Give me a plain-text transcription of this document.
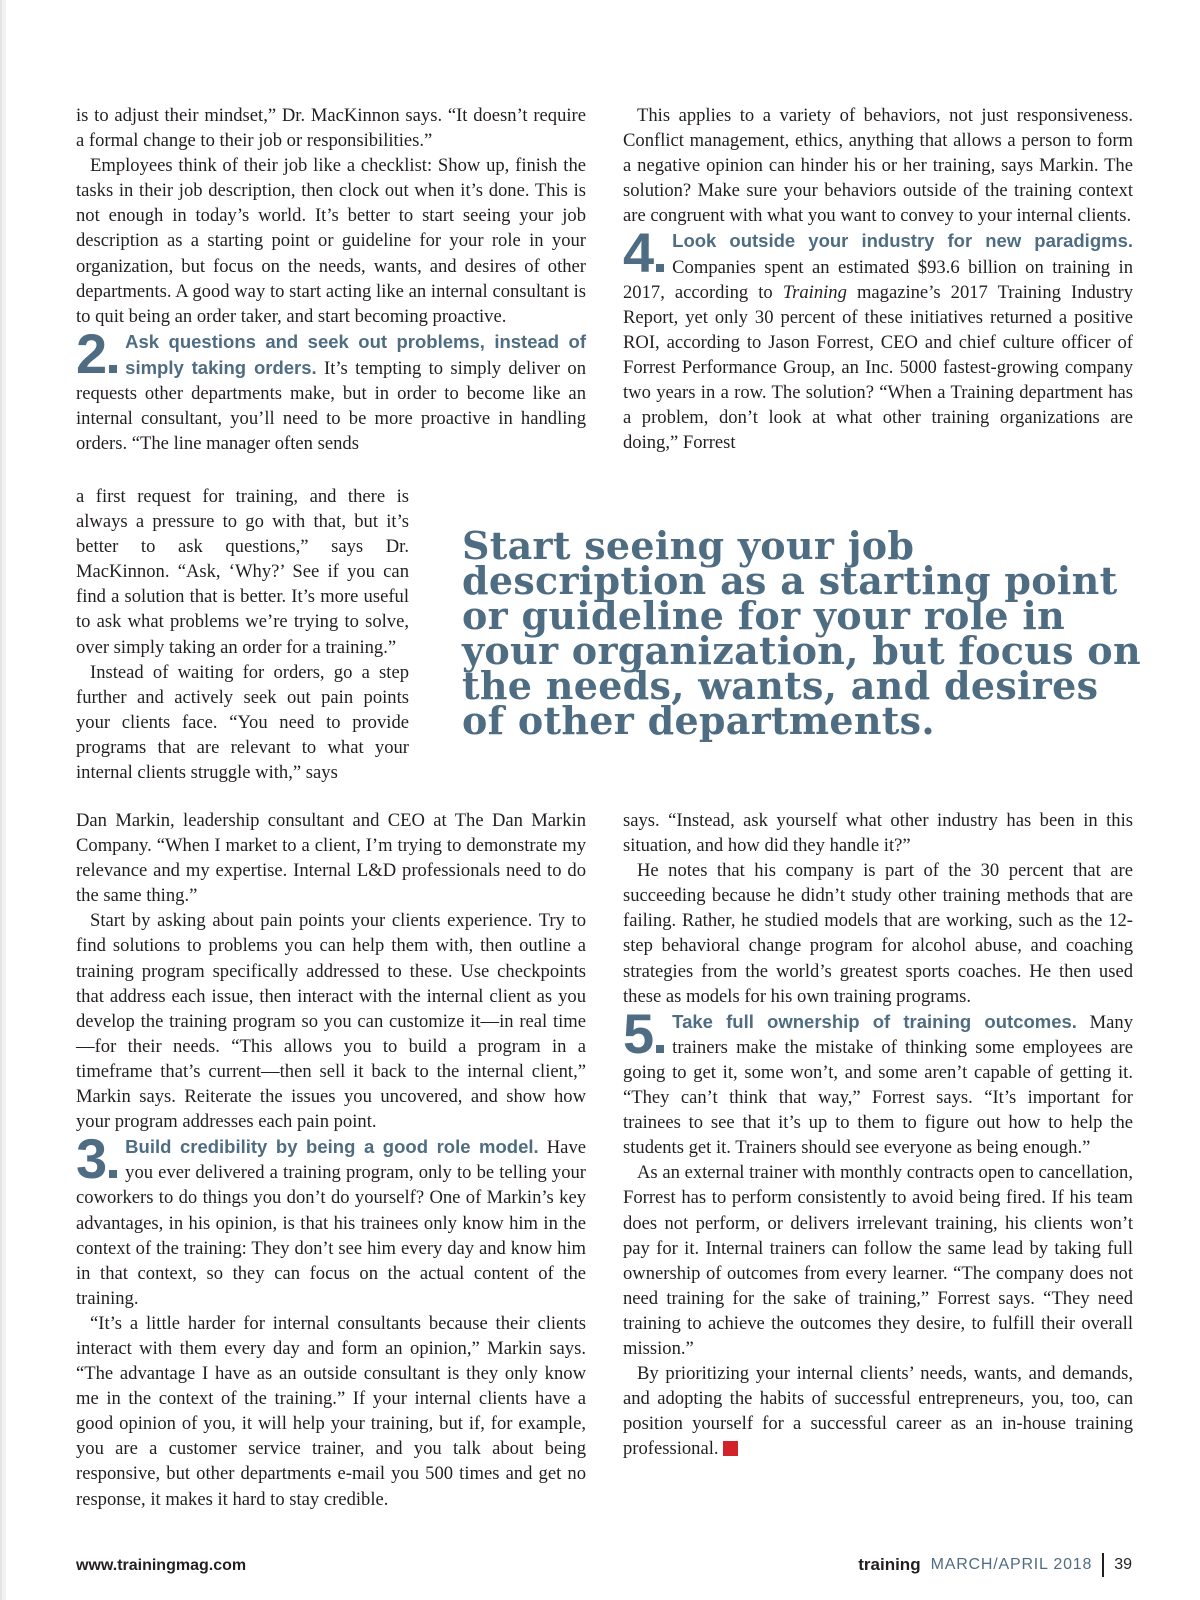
is to adjust their mindset,” Dr. MacKinnon says. “It doesn’t require a formal change to their job or responsibilities.”

Employees think of their job like a checklist: Show up, finish the tasks in their job description, then clock out when it’s done. This is not enough in today’s world. It’s better to start seeing your job description as a starting point or guideline for your role in your organization, but focus on the needs, wants, and desires of other departments. A good way to start acting like an internal consultant is to quit being an order taker, and start becoming proactive.

2 Ask questions and seek out problems, instead of simply taking orders. It’s tempting to simply deliver on requests other departments make, but in order to become like an internal consultant, you’ll need to be more proactive in handling orders. “The line manager often sends

a first request for training, and there is always a pressure to go with that, but it’s better to ask questions,” says Dr. MacKinnon. “Ask, ‘Why?’ See if you can find a solution that is better. It’s more useful to ask what problems we’re trying to solve, over simply taking an order for a training.”

Instead of waiting for orders, go a step further and actively seek out pain points your clients face. “You need to provide programs that are relevant to what your internal clients struggle with,” says

Dan Markin, leadership consultant and CEO at The Dan Markin Company. “When I market to a client, I’m trying to demonstrate my relevance and my expertise. Internal L&D professionals need to do the same thing.”

Start by asking about pain points your clients experience. Try to find solutions to problems you can help them with, then outline a training program specifically addressed to these. Use checkpoints that address each issue, then interact with the internal client as you develop the training program so you can customize it—in real time—for their needs. “This allows you to build a program in a timeframe that’s current—then sell it back to the internal client,” Markin says. Reiterate the issues you uncovered, and show how your program addresses each pain point.

3 Build credibility by being a good role model. Have you ever delivered a training program, only to be telling your coworkers to do things you don’t do yourself? One of Markin’s key advantages, in his opinion, is that his trainees only know him in the context of the training: They don’t see him every day and know him in that context, so they can focus on the actual content of the training.

“It’s a little harder for internal consultants because their clients interact with them every day and form an opinion,” Markin says. “The advantage I have as an outside consultant is they only know me in the context of the training.” If your internal clients have a good opinion of you, it will help your training, but if, for example, you are a customer service trainer, and you talk about being responsive, but other departments e-mail you 500 times and get no response, it makes it hard to stay credible.

This applies to a variety of behaviors, not just responsiveness. Conflict management, ethics, anything that allows a person to form a negative opinion can hinder his or her training, says Markin. The solution? Make sure your behaviors outside of the training context are congruent with what you want to convey to your internal clients.

4 Look outside your industry for new paradigms. Companies spent an estimated $93.6 billion on training in 2017, according to Training magazine’s 2017 Training Industry Report, yet only 30 percent of these initiatives returned a positive ROI, according to Jason Forrest, CEO and chief culture officer of Forrest Performance Group, an Inc. 5000 fastest-growing company two years in a row. The solution? “When a Training department has a problem, don’t look at what other training organizations are doing,” Forrest

Start seeing your job description as a starting point or guideline for your role in your organization, but focus on the needs, wants, and desires of other departments.

says. “Instead, ask yourself what other industry has been in this situation, and how did they handle it?”

He notes that his company is part of the 30 percent that are succeeding because he didn’t study other training methods that are failing. Rather, he studied models that are working, such as the 12-step behavioral change program for alcohol abuse, and coaching strategies from the world’s greatest sports coaches. He then used these as models for his own training programs.

5 Take full ownership of training outcomes. Many trainers make the mistake of thinking some employees are going to get it, some won’t, and some aren’t capable of getting it. “They can’t think that way,” Forrest says. “It’s important for trainees to see that it’s up to them to figure out how to help the students get it. Trainers should see everyone as being enough.”

As an external trainer with monthly contracts open to cancellation, Forrest has to perform consistently to avoid being fired. If his team does not perform, or delivers irrelevant training, his clients won’t pay for it. Internal trainers can follow the same lead by taking full ownership of outcomes from every learner. “The company does not need training for the sake of training,” Forrest says. “They need training to achieve the outcomes they desire, to fulfill their overall mission.”

By prioritizing your internal clients’ needs, wants, and demands, and adopting the habits of successful entrepreneurs, you, too, can position yourself for a successful career as an in-house training professional.t

www.trainingmag.com	training MARCH/APRIL 2018 39
